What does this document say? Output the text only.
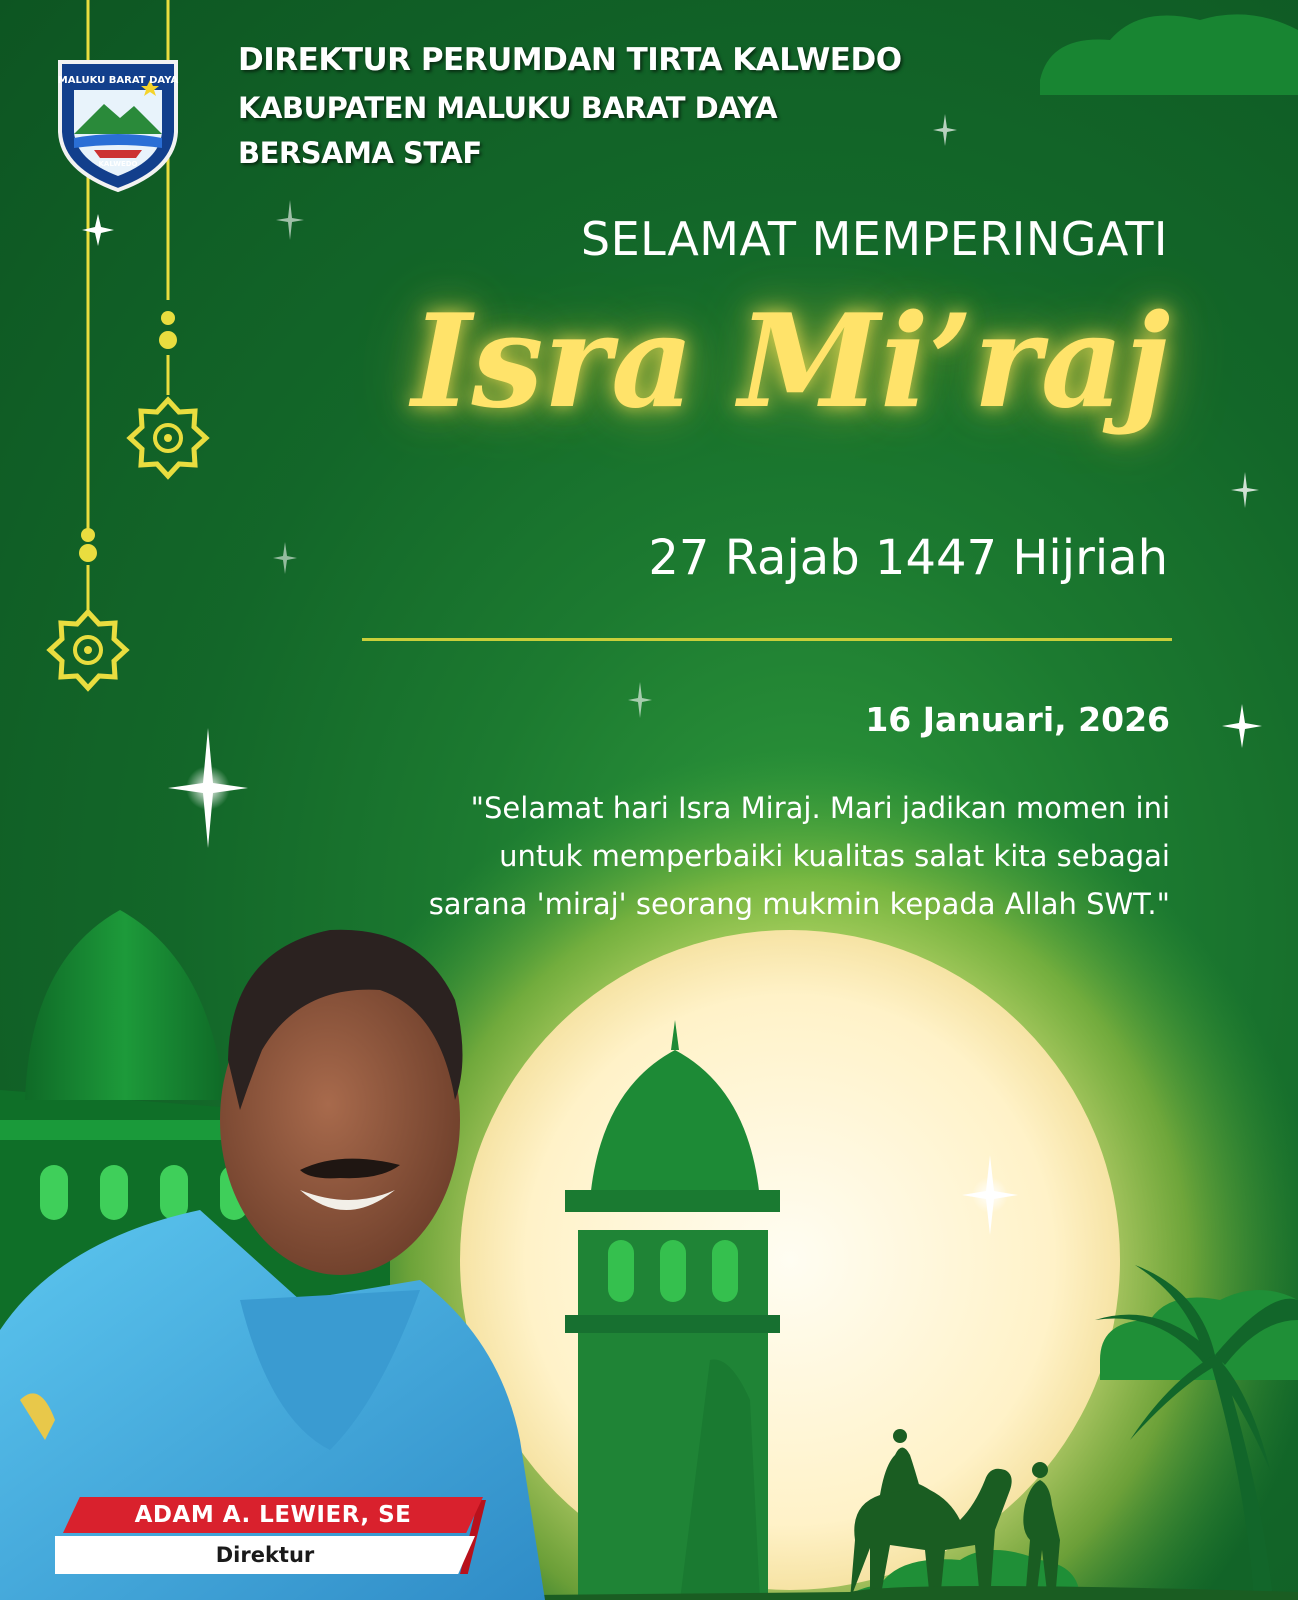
MALUKU BARAT DAYA
KALWEDO
DIREKTUR PERUMDAN TIRTA KALWEDO
KABUPATEN MALUKU BARAT DAYA
BERSAMA STAF
SELAMAT MEMPERINGATI
Isra Mi’raj
27 Rajab 1447 Hijriah
16 Januari, 2026
"Selamat hari Isra Miraj. Mari jadikan momen ini
untuk memperbaiki kualitas salat kita sebagai
sarana 'miraj' seorang mukmin kepada Allah SWT."
ADAM A. LEWIER, SE
Direktur
